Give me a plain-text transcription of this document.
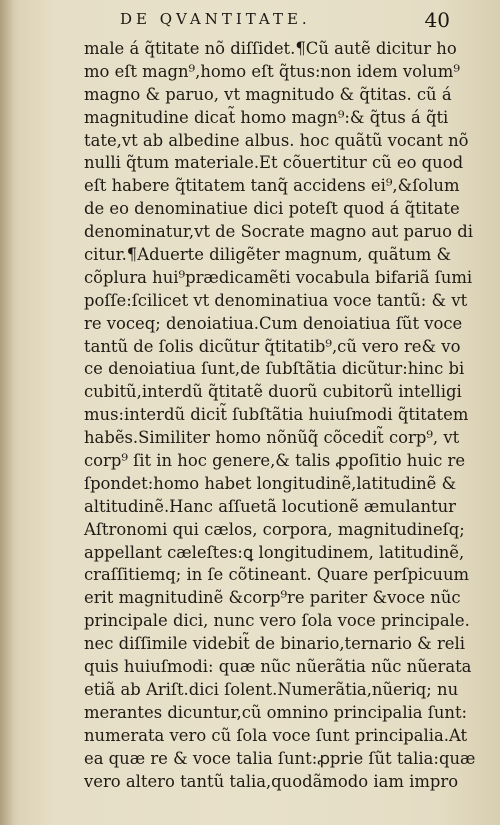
DE QVANTITATE.	40
male á q̃titate nõ diſſidet.¶Cũ autẽ dicitur ho
mo eſt magn⁹,homo eſt q̃tus:non idem volum⁹
magno & paruo, vt magnitudo & q̃titas. cũ á
magnitudine dicat̃ homo magn⁹:& q̃tus á q̃ti
tate,vt ab albedine albus. hoc quãtũ vocant nõ
nulli q̃tum materiale.Et cõuertitur cũ eo quod
eſt habere q̃titatem tanq̃ accidens ei⁹,&ſolum
de eo denominatiue dici poteſt quod á q̃titate
denominatur,vt de Socrate magno aut paruo di
citur.¶Aduerte diligẽter magnum, quãtum &
cõplura hui⁹prædicamẽti vocabula bifariã ſumi
poſſe:ſcilicet vt denominatiua voce tantũ: & vt
re voceq; denoiatiua.Cum denoiatiua ſũt voce
tantũ de ſolis dicũtur q̃titatib⁹,cũ vero re& vo
ce denoiatiua ſunt,de ſubſtãtia dicũtur:hinc bi
cubitũ,interdũ q̃titatẽ duorũ cubitorũ intelligi
mus:interdũ dicit̃ ſubſtãtia huiuſmodi q̃titatem
habẽs.Similiter homo nõnũq̃ cõcedit̃ corp⁹, vt
corp⁹ ſit in hoc genere,& talis ꝓpoſitio huic re
ſpondet:homo habet longitudinẽ,latitudinẽ &
altitudinẽ.Hanc aſſuetã locutionẽ æmulantur
Aſtronomi qui cælos, corpora, magnitudineſq;
appellant cæleſtes:ꝗ longitudinem, latitudinẽ,
craſſitiemq; in ſe cõtineant. Quare perſpicuum
erit magnitudinẽ &corp⁹re pariter &voce nũc
principale dici, nunc vero ſola voce principale.
nec diſſimile videbit̃ de binario,ternario & reli
quis huiuſmodi: quæ nũc nũerãtia nũc nũerata
etiã ab Ariſt.dici ſolent.Numerãtia,nũeriq; nu
merantes dicuntur,cũ omnino principalia ſunt:
numerata vero cũ ſola voce ſunt principalia.At
ea quæ re & voce talia ſunt:ꝓprie ſũt talia:quæ
vero altero tantũ talia,quodãmodo iam impro
